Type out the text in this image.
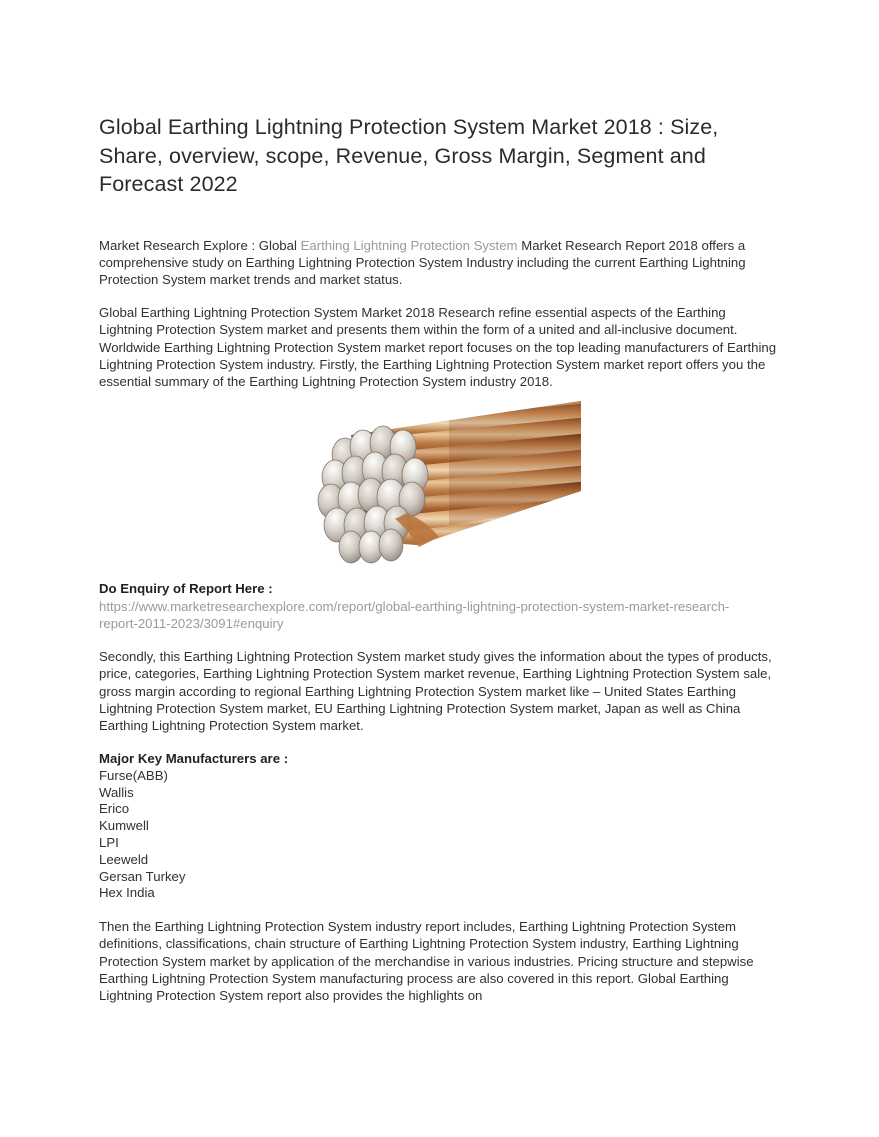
Global Earthing Lightning Protection System Market 2018 : Size, Share, overview, scope, Revenue, Gross Margin, Segment and Forecast 2022

Market Research Explore : Global Earthing Lightning Protection System Market Research Report 2018 offers a comprehensive study on Earthing Lightning Protection System Industry including the current Earthing Lightning Protection System market trends and market status.

Global Earthing Lightning Protection System Market 2018 Research refine essential aspects of the Earthing Lightning Protection System market and presents them within the form of a united and all-inclusive document. Worldwide Earthing Lightning Protection System market report focuses on the top leading manufacturers of Earthing Lightning Protection System industry. Firstly, the Earthing Lightning Protection System market report offers you the essential summary of the Earthing Lightning Protection System industry 2018.

Do Enquiry of Report Here :

https://www.marketresearchexplore.com/report/global-earthing-lightning-protection-system-market-research-report-2011-2023/3091#enquiry

Secondly, this Earthing Lightning Protection System market study gives the information about the types of products, price, categories, Earthing Lightning Protection System market revenue, Earthing Lightning Protection System sale, gross margin according to regional Earthing Lightning Protection System market like – United States Earthing Lightning Protection System market, EU Earthing Lightning Protection System market, Japan as well as China Earthing Lightning Protection System market.

Major Key Manufacturers are :

Furse(ABB)
Wallis
Erico
Kumwell
LPI
Leeweld
Gersan Turkey
Hex India

Then the Earthing Lightning Protection System industry report includes, Earthing Lightning Protection System definitions, classifications, chain structure of Earthing Lightning Protection System industry, Earthing Lightning Protection System market by application of the merchandise in various industries. Pricing structure and stepwise Earthing Lightning Protection System manufacturing process are also covered in this report. Global Earthing Lightning Protection System report also provides the highlights on
